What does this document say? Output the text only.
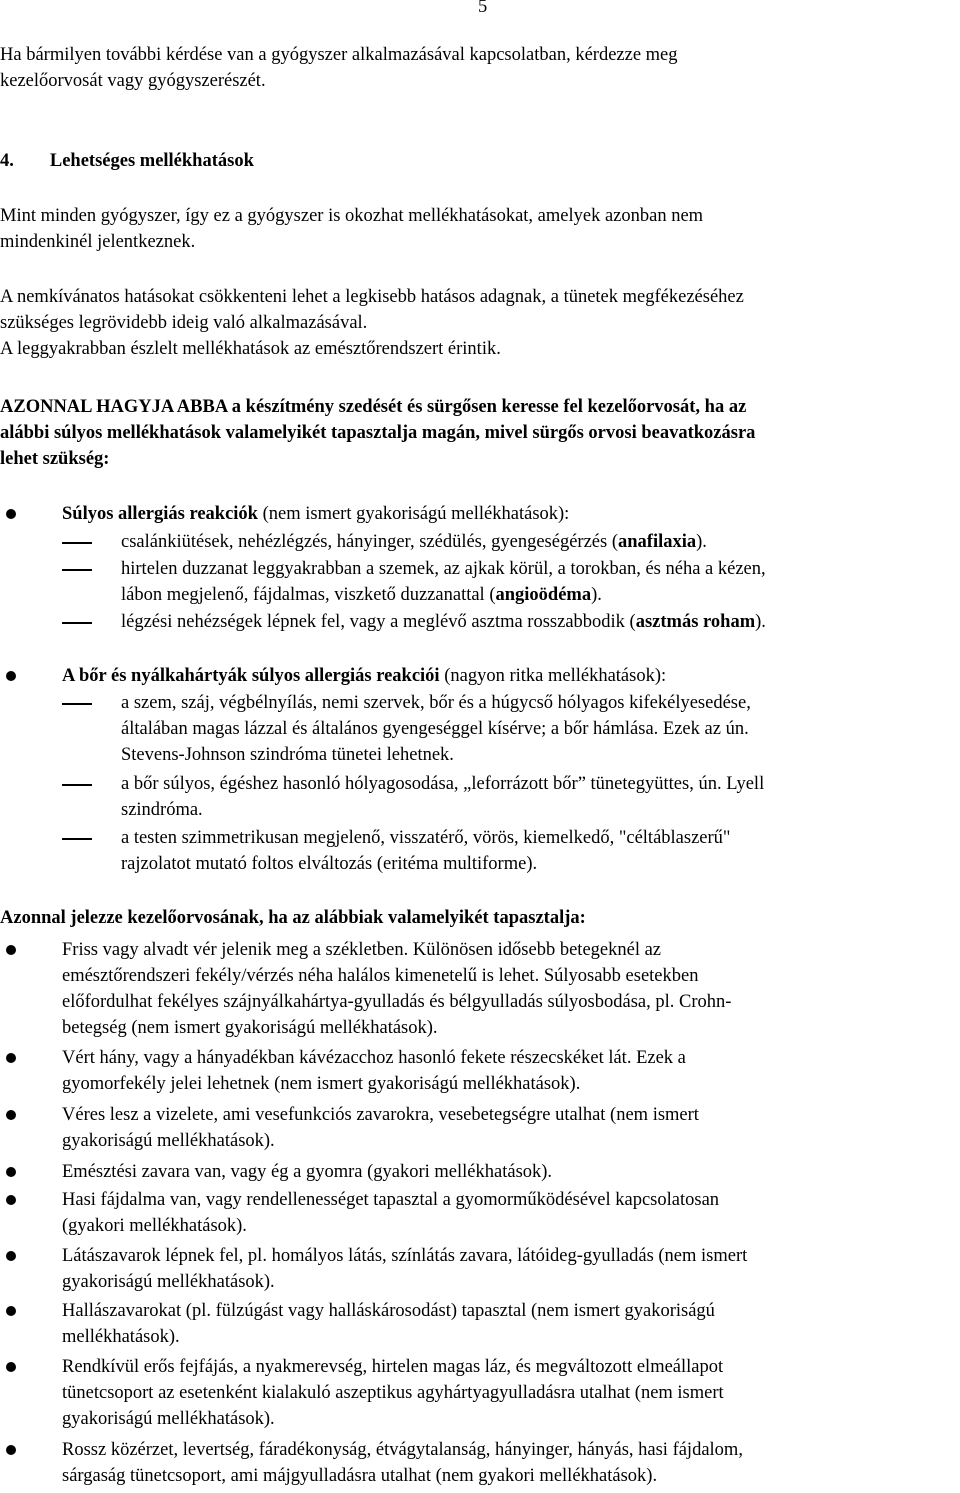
5

Ha bármilyen további kérdése van a gyógyszer alkalmazásával kapcsolatban, kérdezze meg
kezelőorvosát vagy gyógyszerészét.

4. Lehetséges mellékhatások

Mint minden gyógyszer, így ez a gyógyszer is okozhat mellékhatásokat, amelyek azonban nem
mindenkinél jelentkeznek.

A nemkívánatos hatásokat csökkenteni lehet a legkisebb hatásos adagnak, a tünetek megfékezéséhez
szükséges legrövidebb ideig való alkalmazásával.
A leggyakrabban észlelt mellékhatások az emésztőrendszert érintik.

AZONNAL HAGYJA ABBA a készítmény szedését és sürgősen keresse fel kezelőorvosát, ha az
alábbi súlyos mellékhatások valamelyikét tapasztalja magán, mivel sürgős orvosi beavatkozásra
lehet szükség:

Súlyos allergiás reakciók (nem ismert gyakoriságú mellékhatások):
csalánkiütések, nehézlégzés, hányinger, szédülés, gyengeségérzés (anafilaxia).
hirtelen duzzanat leggyakrabban a szemek, az ajkak körül, a torokban, és néha a kézen,
lábon megjelenő, fájdalmas, viszkető duzzanattal (angioödéma).
légzési nehézségek lépnek fel, vagy a meglévő asztma rosszabbodik (asztmás roham).
A bőr és nyálkahártyák súlyos allergiás reakciói (nagyon ritka mellékhatások):
a szem, száj, végbélnyílás, nemi szervek, bőr és a húgycső hólyagos kifekélyesedése,
általában magas lázzal és általános gyengeséggel kísérve; a bőr hámlása. Ezek az ún.
Stevens-Johnson szindróma tünetei lehetnek.
a bőr súlyos, égéshez hasonló hólyagosodása, „leforrázott bőr” tünetegyüttes, ún. Lyell
szindróma.
a testen szimmetrikusan megjelenő, visszatérő, vörös, kiemelkedő, "céltáblaszerű"
rajzolatot mutató foltos elváltozás (eritéma multiforme).

Azonnal jelezze kezelőorvosának, ha az alábbiak valamelyikét tapasztalja:

Friss vagy alvadt vér jelenik meg a székletben. Különösen idősebb betegeknél az
emésztőrendszeri fekély/vérzés néha halálos kimenetelű is lehet. Súlyosabb esetekben
előfordulhat fekélyes szájnyálkahártya-gyulladás és bélgyulladás súlyosbodása, pl. Crohn-
betegség (nem ismert gyakoriságú mellékhatások).
Vért hány, vagy a hányadékban kávézacchoz hasonló fekete részecskéket lát. Ezek a
gyomorfekély jelei lehetnek (nem ismert gyakoriságú mellékhatások).
Véres lesz a vizelete, ami vesefunkciós zavarokra, vesebetegségre utalhat (nem ismert
gyakoriságú mellékhatások).
Emésztési zavara van, vagy ég a gyomra (gyakori mellékhatások).
Hasi fájdalma van, vagy rendellenességet tapasztal a gyomorműködésével kapcsolatosan
(gyakori mellékhatások).
Látászavarok lépnek fel, pl. homályos látás, színlátás zavara, látóideg-gyulladás (nem ismert
gyakoriságú mellékhatások).
Hallászavarokat (pl. fülzúgást vagy halláskárosodást) tapasztal (nem ismert gyakoriságú
mellékhatások).
Rendkívül erős fejfájás, a nyakmerevség, hirtelen magas láz, és megváltozott elmeállapot
tünetcsoport az esetenként kialakuló aszeptikus agyhártyagyulladásra utalhat (nem ismert
gyakoriságú mellékhatások).
Rossz közérzet, levertség, fáradékonyság, étvágytalanság, hányinger, hányás, hasi fájdalom,
sárgaság tünetcsoport, ami májgyulladásra utalhat (nem gyakori mellékhatások).
